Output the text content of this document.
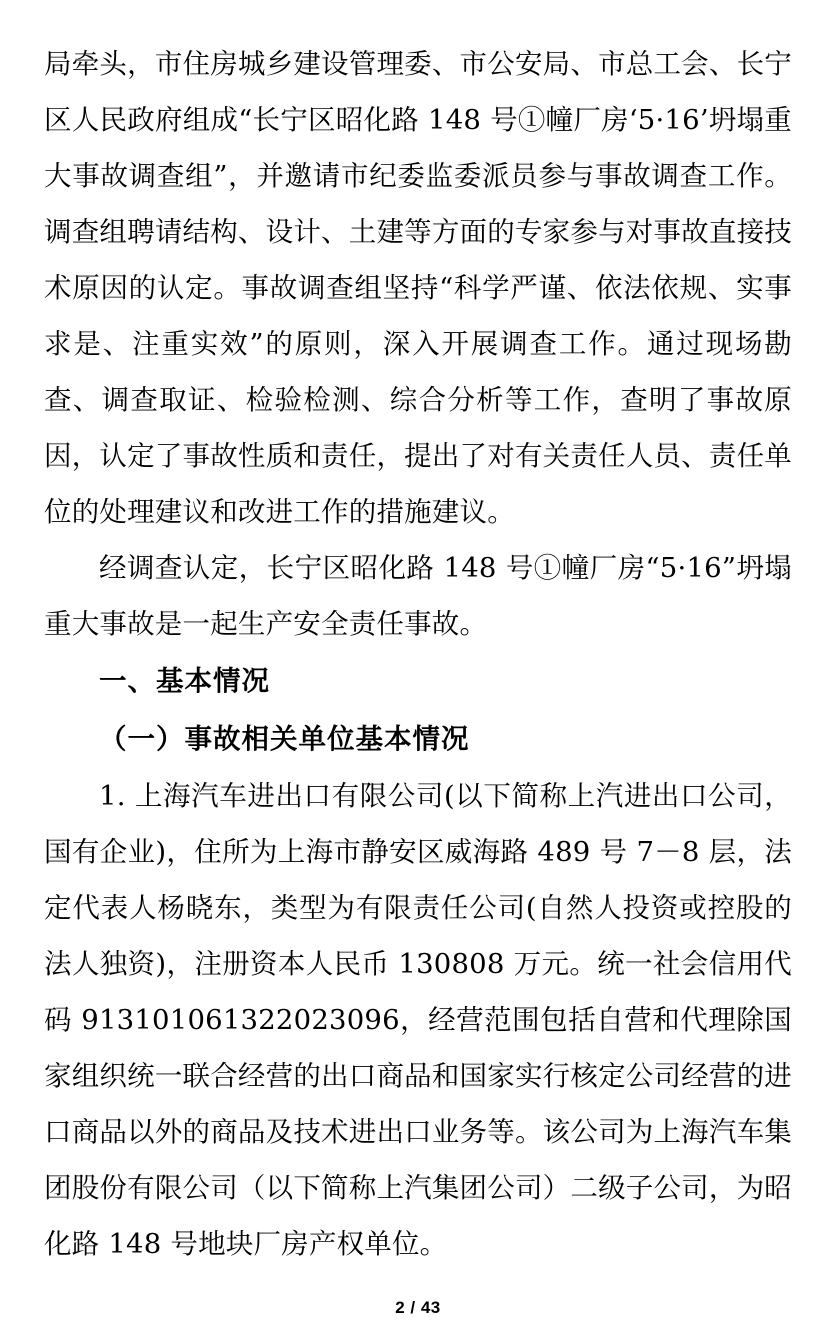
局牵头，市住房城乡建设管理委、市公安局、市总工会、长宁区人民政府组成“长宁区昭化路 148 号①幢厂房‘5·16’坍塌重大事故调查组”，并邀请市纪委监委派员参与事故调查工作。调查组聘请结构、设计、土建等方面的专家参与对事故直接技术原因的认定。事故调查组坚持“科学严谨、依法依规、实事求是、注重实效”的原则，深入开展调查工作。通过现场勘查、调查取证、检验检测、综合分析等工作，查明了事故原因，认定了事故性质和责任，提出了对有关责任人员、责任单位的处理建议和改进工作的措施建议。

经调查认定，长宁区昭化路 148 号①幢厂房“5·16”坍塌重大事故是一起生产安全责任事故。

一、基本情况

（一）事故相关单位基本情况

1. 上海汽车进出口有限公司(以下简称上汽进出口公司，国有企业)，住所为上海市静安区威海路 489 号 7－8 层，法定代表人杨晓东，类型为有限责任公司(自然人投资或控股的法人独资)，注册资本人民币 130808 万元。统一社会信用代码 913101061322023096，经营范围包括自营和代理除国家组织统一联合经营的出口商品和国家实行核定公司经营的进口商品以外的商品及技术进出口业务等。该公司为上海汽车集团股份有限公司（以下简称上汽集团公司）二级子公司，为昭化路 148 号地块厂房产权单位。

2 / 43
